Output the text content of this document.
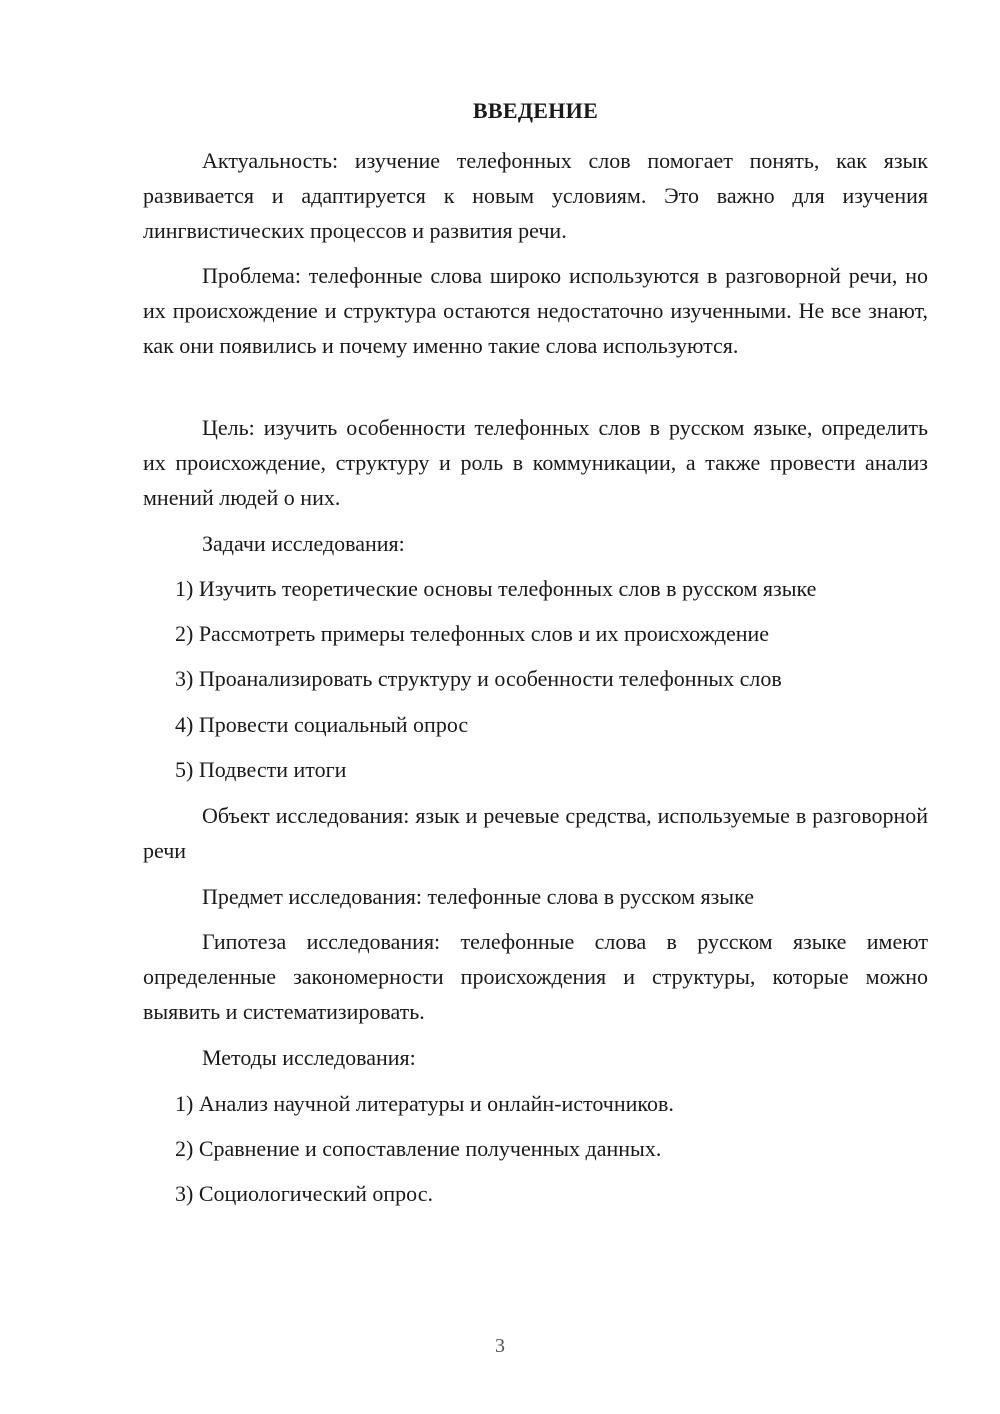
ВВЕДЕНИЕ

Актуальность: изучение телефонных слов помогает понять, как язык развивается и адаптируется к новым условиям. Это важно для изучения лингвистических процессов и развития речи.

Проблема: телефонные слова широко используются в разговорной речи, но их происхождение и структура остаются недостаточно изученными. Не все знают, как они появились и почему именно такие слова используются.

Цель: изучить особенности телефонных слов в русском языке, определить их происхождение, структуру и роль в коммуникации, а также провести анализ мнений людей о них.

Задачи исследования:

1) Изучить теоретические основы телефонных слов в русском языке

2) Рассмотреть примеры телефонных слов и их происхождение

3) Проанализировать структуру и особенности телефонных слов

4) Провести социальный опрос

5) Подвести итоги

Объект исследования: язык и речевые средства, используемые в разговорной речи

Предмет исследования: телефонные слова в русском языке

Гипотеза исследования: телефонные слова в русском языке имеют определенные закономерности происхождения и структуры, которые можно выявить и систематизировать.

Методы исследования:

1) Анализ научной литературы и онлайн-источников.

2) Сравнение и сопоставление полученных данных.

3) Социологический опрос.

3
